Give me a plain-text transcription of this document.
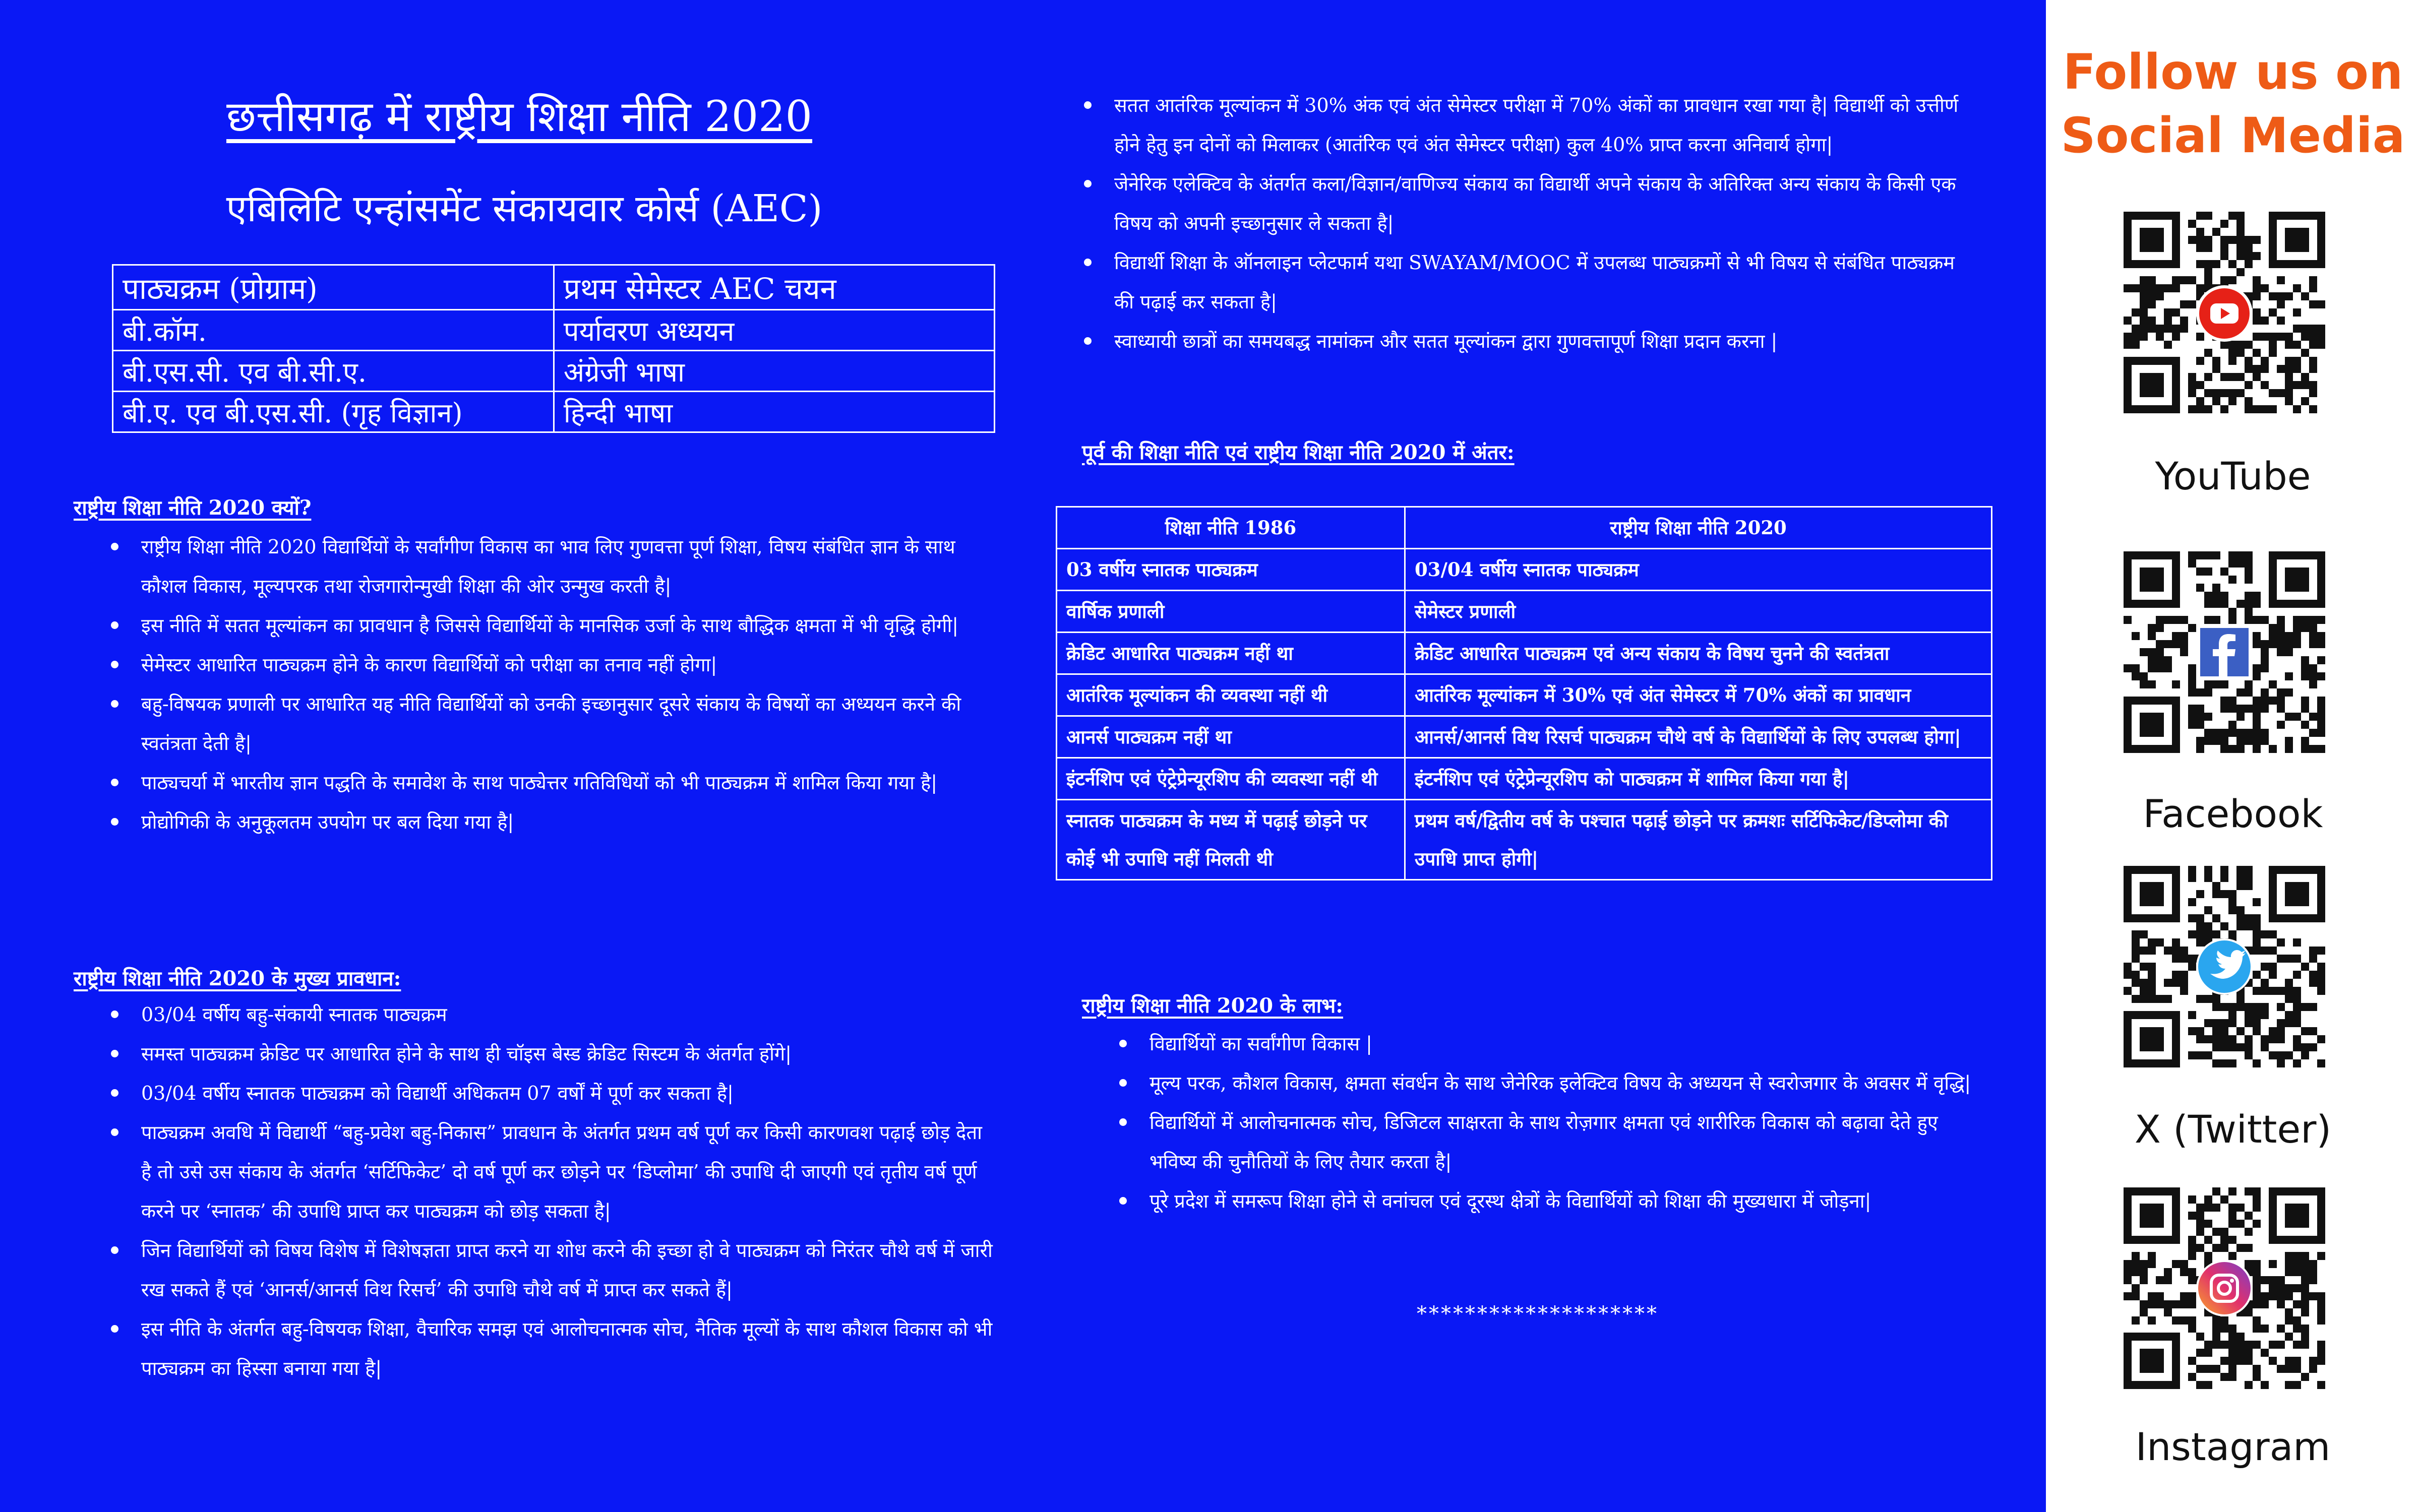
छत्तीसगढ़ में राष्ट्रीय शिक्षा नीति 2020
एबिलिटि एन्हांसमेंट संकायवार कोर्स (AEC)
पाठ्यक्रम (प्रोग्राम)	प्रथम सेमेस्टर AEC चयन
बी.कॉम.	पर्यावरण अध्ययन
बी.एस.सी. एव बी.सी.ए.	अंग्रेजी भाषा
बी.ए. एव बी.एस.सी. (गृह विज्ञान)	हिन्दी भाषा
राष्ट्रीय शिक्षा नीति 2020 क्यों?
राष्ट्रीय शिक्षा नीति 2020 विद्यार्थियों के सर्वांगीण विकास का भाव लिए गुणवत्ता पूर्ण शिक्षा, विषय संबंधित ज्ञान के साथ कौशल विकास, मूल्यपरक तथा रोजगारोन्मुखी शिक्षा की ओर उन्मुख करती है|
इस नीति में सतत मूल्यांकन का प्रावधान है जिससे विद्यार्थियों के मानसिक उर्जा के साथ बौद्धिक क्षमता में भी वृद्धि होगी|
सेमेस्टर आधारित पाठ्यक्रम होने के कारण विद्यार्थियों को परीक्षा का तनाव नहीं होगा|
बहु-विषयक प्रणाली पर आधारित यह नीति विद्यार्थियों को उनकी इच्छानुसार दूसरे संकाय के विषयों का अध्ययन करने की स्वतंत्रता देती है|
पाठ्यचर्या में भारतीय ज्ञान पद्धति के समावेश के साथ पाठ्येत्तर गतिविधियों को भी पाठ्यक्रम में शामिल किया गया है|
प्रोद्योगिकी के अनुकूलतम उपयोग पर बल दिया गया है|
राष्ट्रीय शिक्षा नीति 2020 के मुख्य प्रावधान:
03/04 वर्षीय बहु-संकायी स्नातक पाठ्यक्रम
समस्त पाठ्यक्रम क्रेडिट पर आधारित होने के साथ ही चॉइस बेस्ड क्रेडिट सिस्टम के अंतर्गत होंगे|
03/04 वर्षीय स्नातक पाठ्यक्रम को विद्यार्थी अधिकतम 07 वर्षों में पूर्ण कर सकता है|
पाठ्यक्रम अवधि में विद्यार्थी “बहु-प्रवेश बहु-निकास” प्रावधान के अंतर्गत प्रथम वर्ष पूर्ण कर किसी कारणवश पढ़ाई छोड़ देता है तो उसे उस संकाय के अंतर्गत ‘सर्टिफिकेट’ दो वर्ष पूर्ण कर छोड़ने पर ‘डिप्लोमा’ की उपाधि दी जाएगी एवं तृतीय वर्ष पूर्ण करने पर ‘स्नातक’ की उपाधि प्राप्त कर पाठ्यक्रम को छोड़ सकता है|
जिन विद्यार्थियों को विषय विशेष में विशेषज्ञता प्राप्त करने या शोध करने की इच्छा हो वे पाठ्यक्रम को निरंतर चौथे वर्ष में जारी रख सकते हैं एवं ‘आनर्स/आनर्स विथ रिसर्च’ की उपाधि चौथे वर्ष में प्राप्त कर सकते हैं|
इस नीति के अंतर्गत बहु-विषयक शिक्षा, वैचारिक समझ एवं आलोचनात्मक सोच, नैतिक मूल्यों के साथ कौशल विकास को भी पाठ्यक्रम का हिस्सा बनाया गया है|
सतत आतंरिक मूल्यांकन में 30% अंक एवं अंत सेमेस्टर परीक्षा में 70% अंकों का प्रावधान रखा गया है| विद्यार्थी को उत्तीर्ण होने हेतु इन दोनों को मिलाकर (आतंरिक एवं अंत सेमेस्टर परीक्षा) कुल 40% प्राप्त करना अनिवार्य होगा|
जेनेरिक एलेक्टिव के अंतर्गत कला/विज्ञान/वाणिज्य संकाय का विद्यार्थी अपने संकाय के अतिरिक्त अन्य संकाय के किसी एक विषय को अपनी इच्छानुसार ले सकता है|
विद्यार्थी शिक्षा के ऑनलाइन प्लेटफार्म यथा SWAYAM/MOOC में उपलब्ध पाठ्यक्रमों से भी विषय से संबंधित पाठ्यक्रम की पढ़ाई कर सकता है|
स्वाध्यायी छात्रों का समयबद्ध नामांकन और सतत मूल्यांकन द्वारा गुणवत्तापूर्ण शिक्षा प्रदान करना |
पूर्व की शिक्षा नीति एवं राष्ट्रीय शिक्षा नीति 2020 में अंतर:
शिक्षा नीति 1986	राष्ट्रीय शिक्षा नीति 2020
03 वर्षीय स्नातक पाठ्यक्रम	03/04 वर्षीय स्नातक पाठ्यक्रम
वार्षिक प्रणाली	सेमेस्टर प्रणाली
क्रेडिट आधारित पाठ्यक्रम नहीं था	क्रेडिट आधारित पाठ्यक्रम एवं अन्य संकाय के विषय चुनने की स्वतंत्रता
आतंरिक मूल्यांकन की व्यवस्था नहीं थी	आतंरिक मूल्यांकन में 30% एवं अंत सेमेस्टर में 70% अंकों का प्रावधान
आनर्स पाठ्यक्रम नहीं था	आनर्स/आनर्स विथ रिसर्च पाठ्यक्रम चौथे वर्ष के विद्यार्थियों के लिए उपलब्ध होगा|
इंटर्नशिप एवं एंट्रेप्रेन्यूरशिप की व्यवस्था नहीं थी	इंटर्नशिप एवं एंट्रेप्रेन्यूरशिप को पाठ्यक्रम में शामिल किया गया है|
स्नातक पाठ्यक्रम के मध्य में पढ़ाई छोड़ने पर कोई भी उपाधि नहीं मिलती थी	प्रथम वर्ष/द्वितीय वर्ष के पश्चात पढ़ाई छोड़ने पर क्रमशः सर्टिफिकेट/डिप्लोमा की उपाधि प्राप्त होगी|
राष्ट्रीय शिक्षा नीति 2020 के लाभ:
विद्यार्थियों का सर्वांगीण विकास |
मूल्य परक, कौशल विकास, क्षमता संवर्धन के साथ जेनेरिक इलेक्टिव विषय के अध्ययन से स्वरोजगार के अवसर में वृद्धि|
विद्यार्थियों में आलोचनात्मक सोच, डिजिटल साक्षरता के साथ रोज़गार क्षमता एवं शारीरिक विकास को बढ़ावा देते हुए भविष्य की चुनौतियों के लिए तैयार करता है|
पूरे प्रदेश में समरूप शिक्षा होने से वनांचल एवं दूरस्थ क्षेत्रों के विद्यार्थियों को शिक्षा की मुख्यधारा में जोड़ना|
********************
Follow us on Social Media
YouTube
Facebook
X (Twitter)
Instagram
